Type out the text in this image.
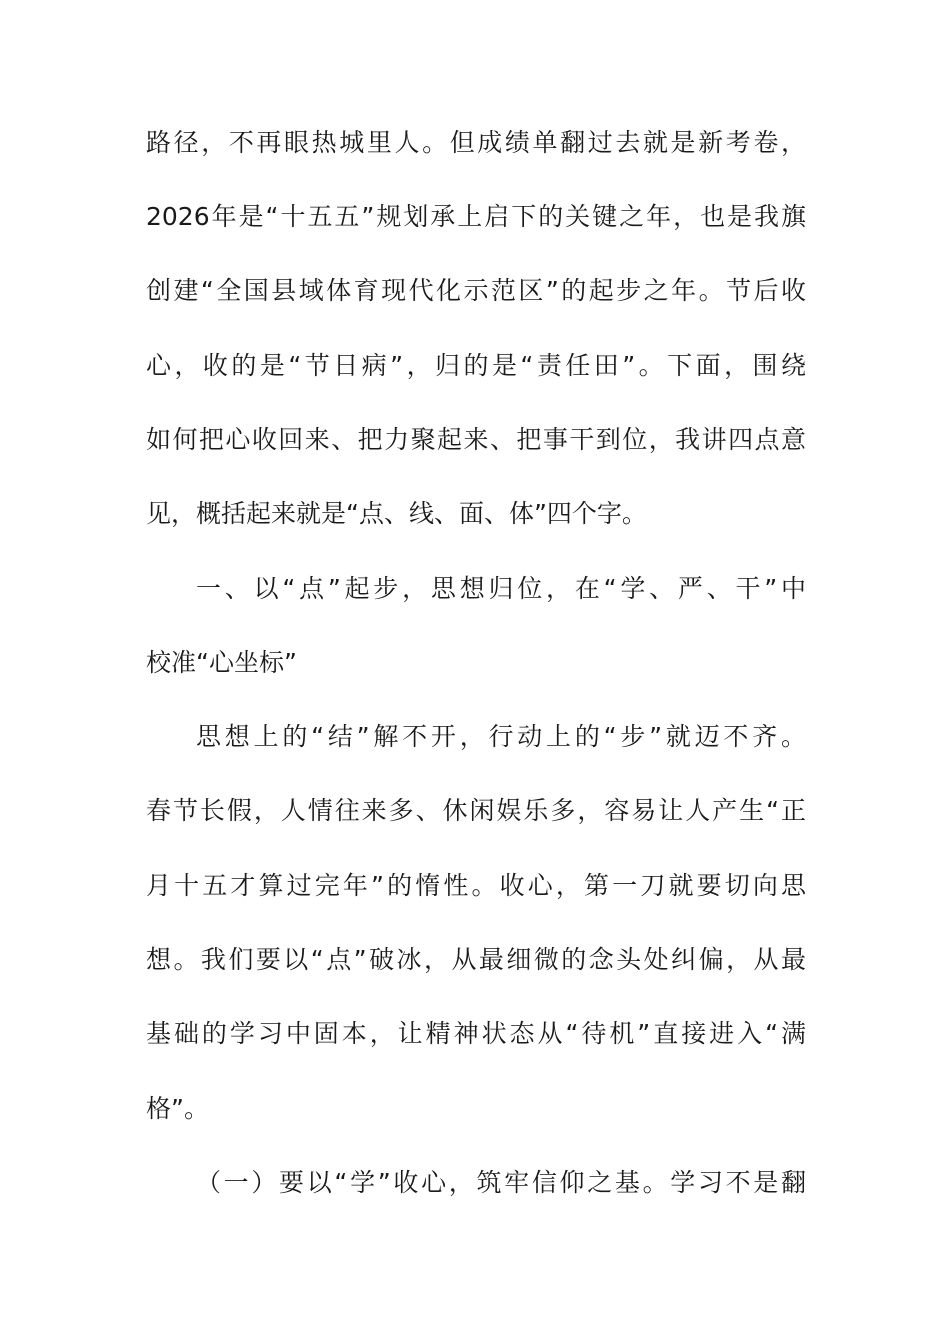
路径，不再眼热城里人。但成绩单翻过去就是新考卷，
2026年是“十五五”规划承上启下的关键之年，也是我旗
创建“全国县域体育现代化示范区”的起步之年。节后收
心，收的是“节日病”，归的是“责任田”。下面，围绕
如何把心收回来、把力聚起来、把事干到位，我讲四点意
见，概括起来就是“点、线、面、体”四个字。
一、以“点”起步，思想归位，在“学、严、干”中
校准“心坐标”
思想上的“结”解不开，行动上的“步”就迈不齐。
春节长假，人情往来多、休闲娱乐多，容易让人产生“正
月十五才算过完年”的惰性。收心，第一刀就要切向思
想。我们要以“点”破冰，从最细微的念头处纠偏，从最
基础的学习中固本，让精神状态从“待机”直接进入“满
格”。
（一）要以“学”收心，筑牢信仰之基。学习不是翻
